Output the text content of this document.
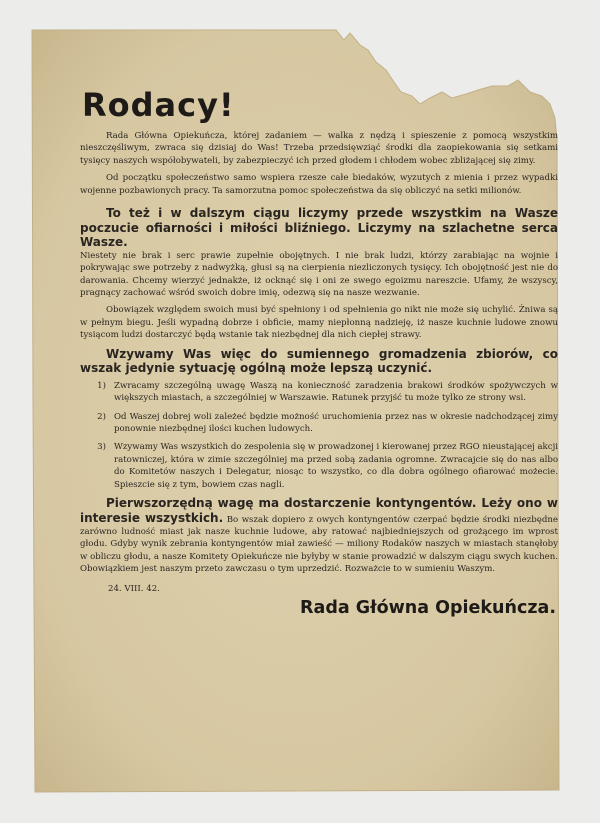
Rodacy!

Rada Główna Opiekuńcza, której zadaniem — walka z nędzą i spieszenie z pomocą wszystkim nieszczęśliwym, zwraca się dzisiaj do Was! Trzeba przedsięwziąć środki dla zaopiekowania się setkami tysięcy naszych współobywateli, by zabezpieczyć ich przed głodem i chłodem wobec zbliżającej się zimy.

Od początku społeczeństwo samo wspiera rzesze całe biedaków, wyzutych z mienia i przez wypadki wojenne pozbawionych pracy. Ta samorzutna pomoc społeczeństwa da się obliczyć na setki milionów.

To też i w dalszym ciągu liczymy przede wszystkim na Wasze poczucie ofiarności i miłości bliźniego. Liczymy na szlachetne serca Wasze.

Niestety nie brak i serc prawie zupełnie obojętnych. I nie brak ludzi, którzy zarabiając na wojnie i pokrywając swe potrzeby z nadwyżką, głusi są na cierpienia niezliczonych tysięcy. Ich obojętność jest nie do darowania. Chcemy wierzyć jednakże, iż ocknąć się i oni ze swego egoizmu nareszcie. Ufamy, że wszyscy, pragnący zachować wśród swoich dobre imię, odezwą się na nasze wezwanie.

Obowiązek względem swoich musi być spełniony i od spełnienia go nikt nie może się uchylić. Żniwa są w pełnym biegu. Jeśli wypadną dobrze i obficie, mamy niepłonną nadzieję, iż nasze kuchnie ludowe znowu tysiącom ludzi dostarczyć będą wstanie tak niezbędnej dla nich ciepłej strawy.

Wzywamy Was więc do sumiennego gromadzenia zbiorów, co wszak jedynie sytuację ogólną może lepszą uczynić.

1) Zwracamy szczególną uwagę Waszą na konieczność zaradzenia brakowi środków spożywczych w większych miastach, a szczególniej w Warszawie. Ratunek przyjść tu może tylko ze strony wsi.
2) Od Waszej dobrej woli zależeć będzie możność uruchomienia przez nas w okresie nadchodzącej zimy ponownie niezbędnej ilości kuchen ludowych.
3) Wzywamy Was wszystkich do zespolenia się w prowadzonej i kierowanej przez RGO nieustającej akcji ratowniczej, która w zimie szczególniej ma przed sobą zadania ogromne. Zwracajcie się do nas albo do Komitetów naszych i Delegatur, niosąc to wszystko, co dla dobra ogólnego ofiarować możecie. Spieszcie się z tym, bowiem czas nagli.

Pierwszorzędną wagę ma dostarczenie kontyngentów. Leży ono w interesie wszystkich. Bo wszak dopiero z owych kontyngentów czerpać będzie środki niezbędne zarówno ludność miast jak nasze kuchnie ludowe, aby ratować najbiedniejszych od grożącego im wprost głodu. Gdyby wynik zebrania kontyngentów miał zawieść — miliony Rodaków naszych w miastach stanęłoby w obliczu głodu, a nasze Komitety Opiekuńcze nie byłyby w stanie prowadzić w dalszym ciągu swych kuchen. Obowiązkiem jest naszym przeto zawczasu o tym uprzedzić. Rozważcie to w sumieniu Waszym.

24. VIII. 42.
Rada Główna Opiekuńcza.
